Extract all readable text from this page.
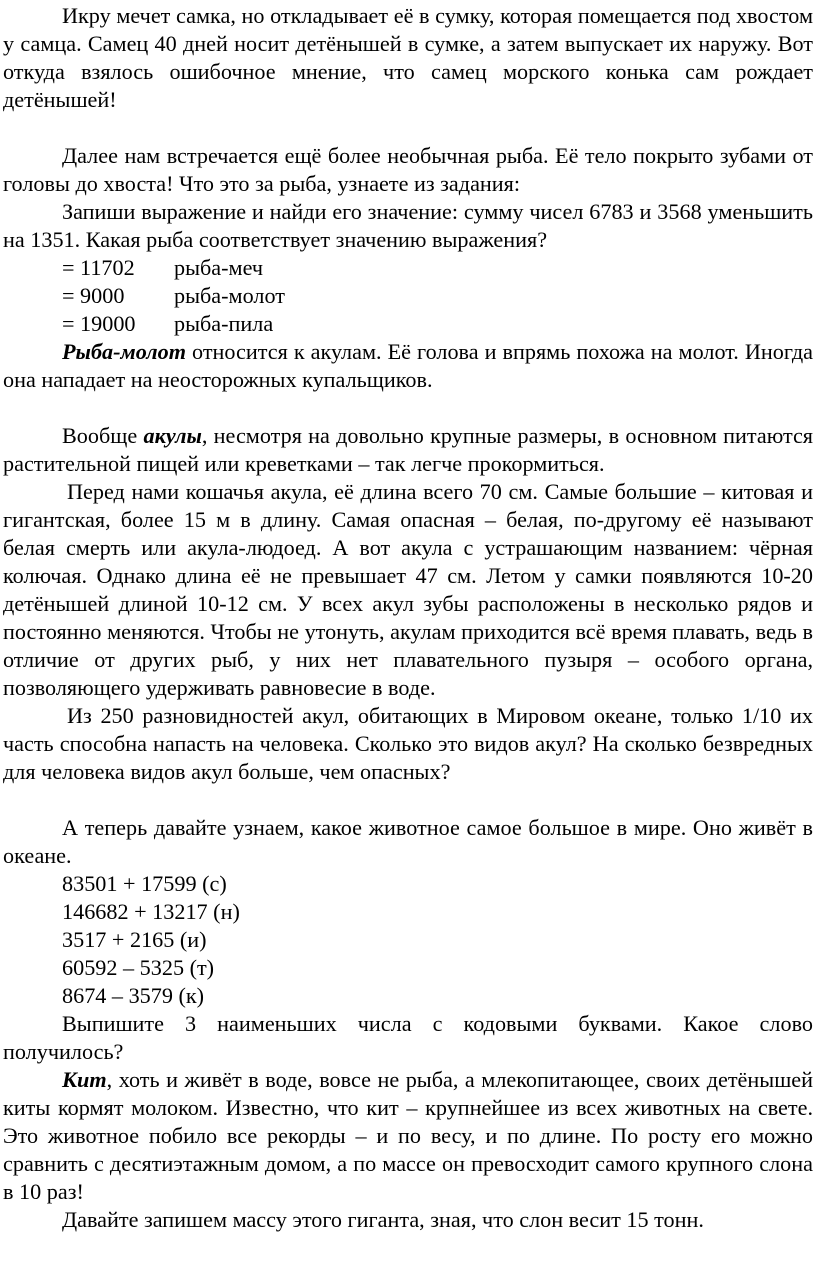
Икру мечет самка, но откладывает её в сумку, которая помещается под хвостом у самца. Самец 40 дней носит детёнышей в сумке, а затем выпускает их наружу. Вот откуда взялось ошибочное мнение, что самец морского конька сам рождает детёнышей!

Далее нам встречается ещё более необычная рыба. Её тело покрыто зубами от головы до хвоста! Что это за рыба, узнаете из задания:

Запиши выражение и найди его значение: сумму чисел 6783 и 3568 уменьшить на 1351. Какая рыба соответствует значению выражения?

= 11702	рыба-меч
= 9000	рыба-молот
= 19000	рыба-пила

Рыба-молот относится к акулам. Её голова и впрямь похожа на молот. Иногда она нападает на неосторожных купальщиков.

Вообще акулы, несмотря на довольно крупные размеры, в основном питаются растительной пищей или креветками – так легче прокормиться.

Перед нами кошачья акула, её длина всего 70 см. Самые большие – китовая и гигантская, более 15 м в длину. Самая опасная – белая, по-другому её называют белая смерть или акула-людоед. А вот акула с устрашающим названием: чёрная колючая. Однако длина её не превышает 47 см. Летом у самки появляются 10-20 детёнышей длиной 10-12 см. У всех акул зубы расположены в несколько рядов и постоянно меняются. Чтобы не утонуть, акулам приходится всё время плавать, ведь в отличие от других рыб, у них нет плавательного пузыря – особого органа, позволяющего удерживать равновесие в воде.

Из 250 разновидностей акул, обитающих в Мировом океане, только 1/10 их часть способна напасть на человека. Сколько это видов акул? На сколько безвредных для человека видов акул больше, чем опасных?

А теперь давайте узнаем, какое животное самое большое в мире. Оно живёт в океане.

83501 + 17599 (с)

146682 + 13217 (н)

3517 + 2165 (и)

60592 – 5325 (т)

8674 – 3579 (к)

Выпишите 3 наименьших числа с кодовыми буквами. Какое слово получилось?

Кит, хоть и живёт в воде, вовсе не рыба, а млекопитающее, своих детёнышей киты кормят молоком. Известно, что кит – крупнейшее из всех животных на свете. Это животное побило все рекорды – и по весу, и по длине. По росту его можно сравнить с десятиэтажным домом, а по массе он превосходит самого крупного слона в 10 раз!

Давайте запишем массу этого гиганта, зная, что слон весит 15 тонн.
